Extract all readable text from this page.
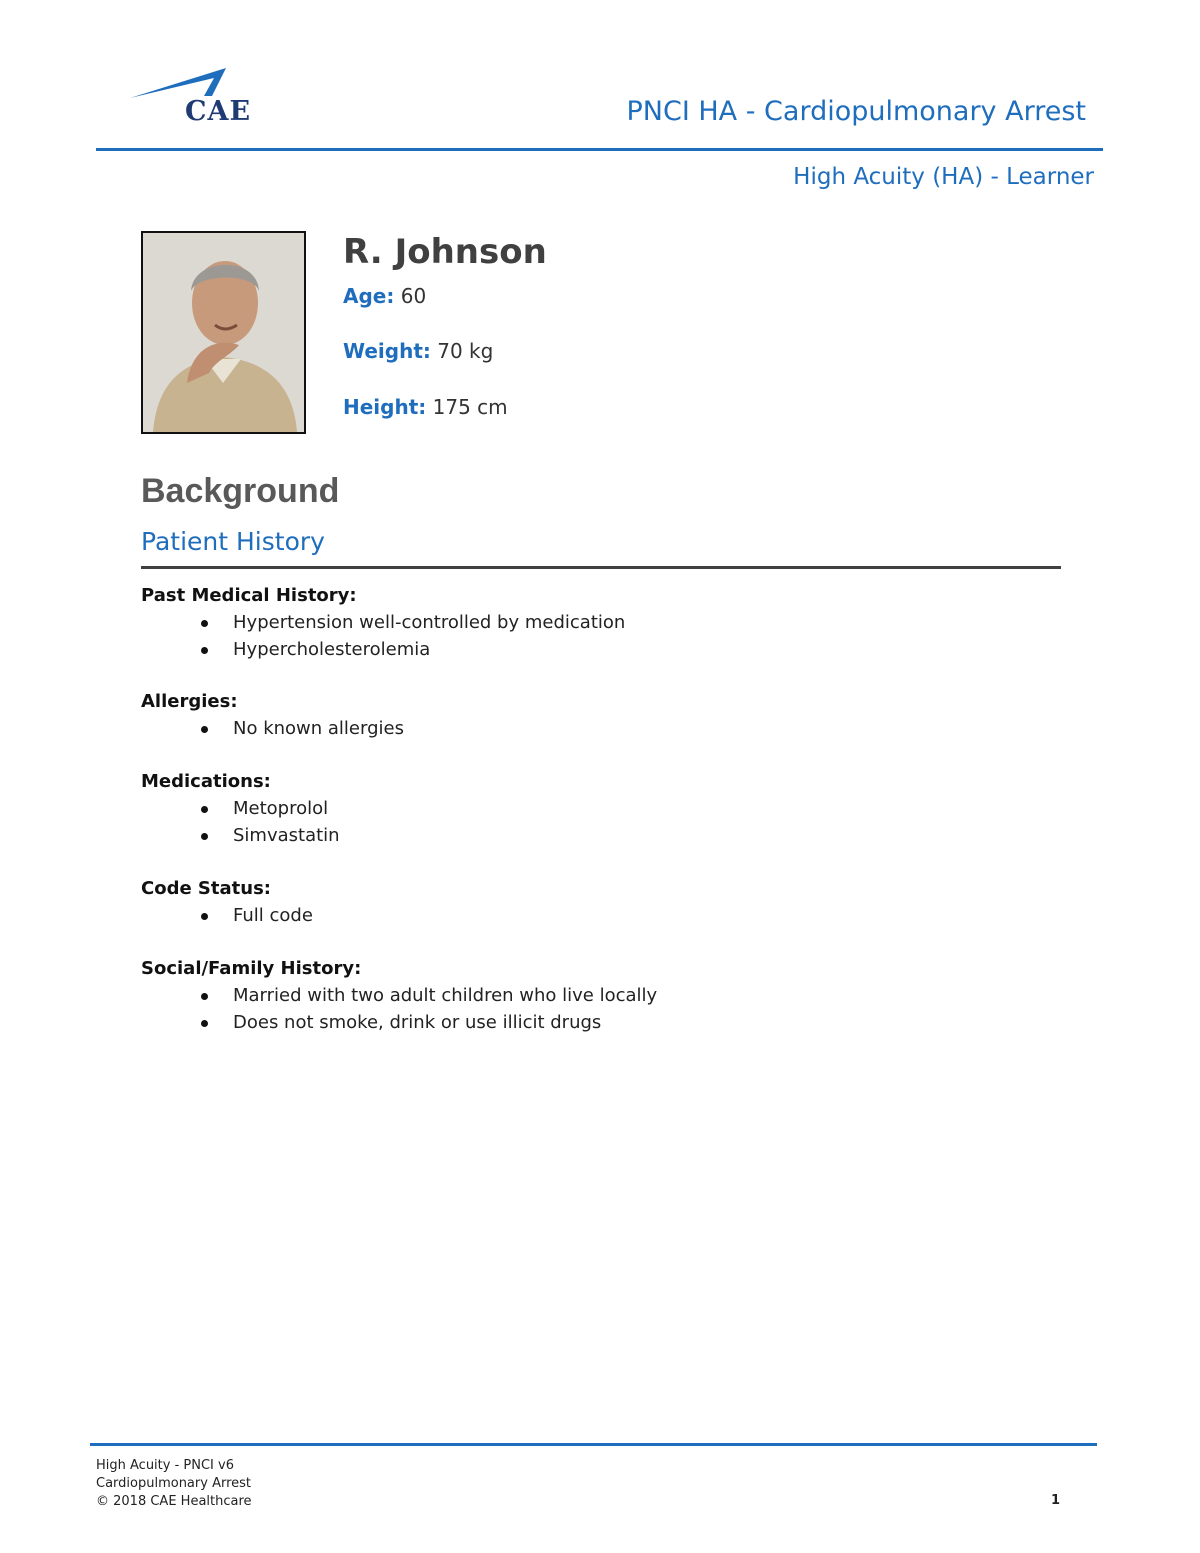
CAE	PNCI HA - Cardiopulmonary Arrest
High Acuity (HA) - Learner
R. Johnson
Age: 60
Weight: 70 kg
Height: 175 cm
Background
Patient History
Past Medical History:
Hypertension well-controlled by medication
Hypercholesterolemia
Allergies:
No known allergies
Medications:
Metoprolol
Simvastatin
Code Status:
Full code
Social/Family History:
Married with two adult children who live locally
Does not smoke, drink or use illicit drugs
High Acuity - PNCI v6
Cardiopulmonary Arrest
© 2018 CAE Healthcare	1
